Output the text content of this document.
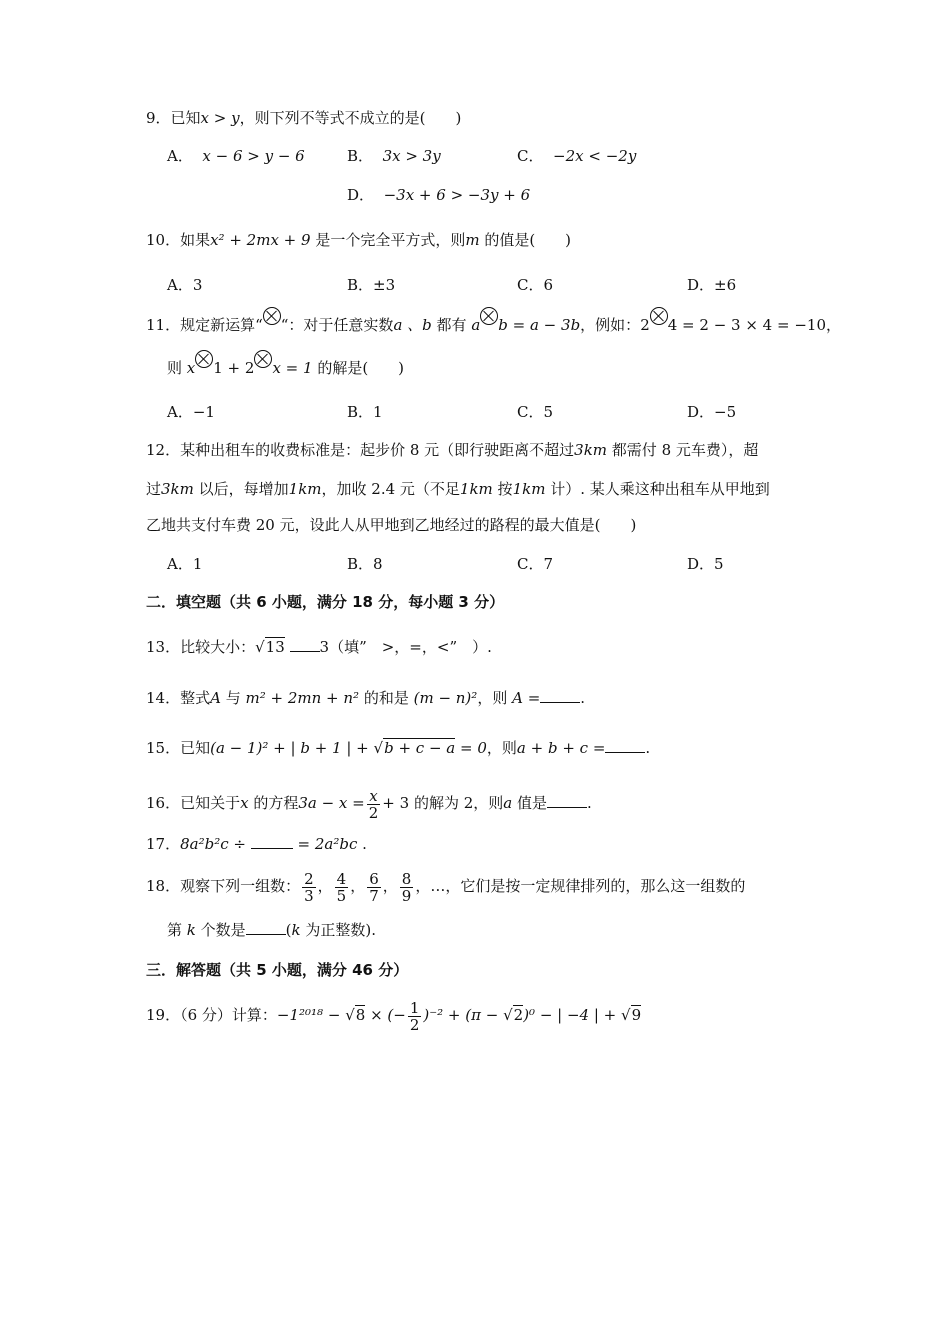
9．已知x > y，则下列不等式不成立的是(　　)
A． x − 6 > y − 6	B． 3x > 3y	C． −2x < −2y
D． −3x + 6 > −3y + 6
10．如果x² + 2mx + 9 是一个完全平方式，则m 的值是(　　)
A．3	B．±3	C．6	D．±6
11．规定新运算“ “：对于任意实数a 、b 都有 a b = a − 3b，例如：2 4 = 2 − 3 × 4 = −10，
则 x 1 + 2 x = 1 的解是(　　)
A．−1	B．1	C．5	D．−5
12．某种出租车的收费标准是：起步价 8 元（即行驶距离不超过3km 都需付 8 元车费），超
过3km 以后，每增加1km，加收 2.4 元（不足1km 按1km 计）. 某人乘这种出租车从甲地到
乙地共支付车费 20 元，设此人从甲地到乙地经过的路程的最大值是(　　)
A．1	B．8	C．7	D．5
二．填空题（共 6 小题，满分 18 分，每小题 3 分）
13．比较大小：√13 3（填”　>，=，<”　）.
14．整式A 与 m² + 2mn + n² 的和是 (m − n)²，则 A =	.
15．已知(a − 1)² + | b + 1 | + √b + c − a = 0，则a + b + c =	.
16．已知关于x 的方程$3a - x = \frac{x}{2} + 3$ 的解为 2，则a 值是	.
17．8a²b²c ÷	= 2a²bc .
18．观察下列一组数： $\frac{2}{3}$ ， $\frac{4}{5}$ ， $\frac{6}{7}$ ， $\frac{8}{9}$ ，…，它们是按一定规律排列的，那么这一组数的
第 k 个数是	(k 为正整数).
三．解答题（共 5 小题，满分 46 分）
19．（6 分）计算：−1²⁰¹⁸ − √8 × (− $\frac{1}{2} )^{-2} + (\pi - √2)^0$ − | −4 | + √9
